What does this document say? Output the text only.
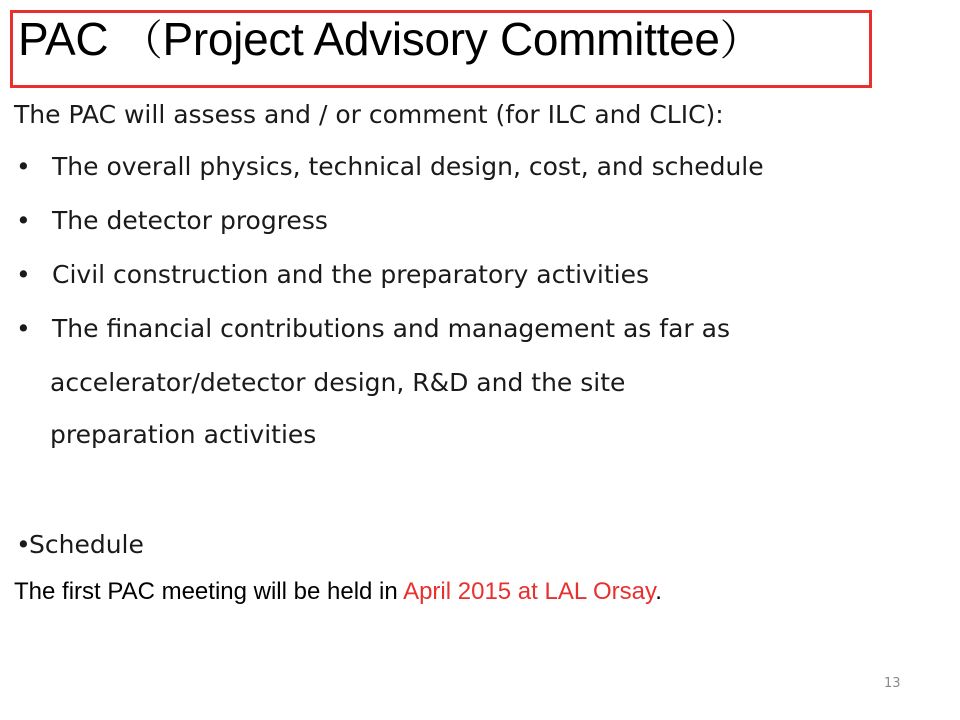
PAC （Project Advisory Committee）
The PAC will assess and / or comment (for ILC and CLIC):
• The overall physics, technical design, cost, and schedule
• The detector progress
• Civil construction and the preparatory activities
• The financial contributions and management as far as
accelerator/detector design, R&D and the site
preparation activities
•Schedule
The first PAC meeting will be held in April 2015 at LAL Orsay.
13
